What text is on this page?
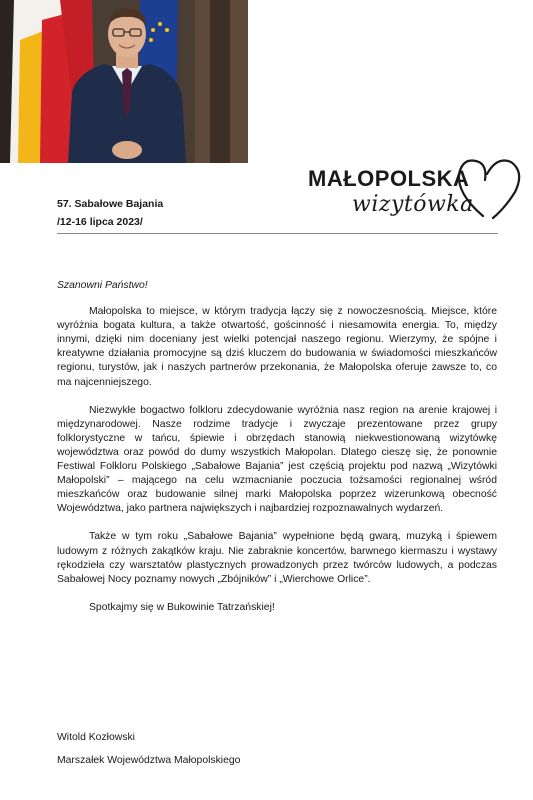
MAŁOPOLSKA
wizytówka
57. Sabałowe Bajania
/12-16 lipca 2023/

Szanowni Państwo!

Małopolska to miejsce, w którym tradycja łączy się z nowoczesnością. Miejsce, które wyróżnia bogata kultura, a także otwartość, gościnność i niesamowita energia. To, między innymi, dzięki nim doceniany jest wielki potencjał naszego regionu. Wierzymy, że spójne i kreatywne działania promocyjne są dziś kluczem do budowania w świadomości mieszkańców regionu, turystów, jak i naszych partnerów przekonania, że Małopolska oferuje zawsze to, co ma najcenniejszego.

Niezwykłe bogactwo folkloru zdecydowanie wyróżnia nasz region na arenie krajowej i międzynarodowej. Nasze rodzime tradycje i zwyczaje prezentowane przez grupy folklorystyczne w tańcu, śpiewie i obrzędach stanowią niekwestionowaną wizytówkę województwa oraz powód do dumy wszystkich Małopolan. Dlatego cieszę się, że ponownie Festiwal Folkloru Polskiego „Sabałowe Bajania” jest częścią projektu pod nazwą „Wizytówki Małopolski” – mającego na celu wzmacnianie poczucia tożsamości regionalnej wśród mieszkańców oraz budowanie silnej marki Małopolska poprzez wizerunkową obecność Województwa, jako partnera największych i najbardziej rozpoznawalnych wydarzeń.

Także w tym roku „Sabałowe Bajania” wypełnione będą gwarą, muzyką i śpiewem ludowym z różnych zakątków kraju. Nie zabraknie koncertów, barwnego kiermaszu i wystawy rękodzieła czy warsztatów plastycznych prowadzonych przez twórców ludowych, a podczas Sabałowej Nocy poznamy nowych „Zbójników” i „Wierchowe Orlice”.

Spotkajmy się w Bukowinie Tatrzańskiej!

Witold Kozłowski
Marszałek Województwa Małopolskiego
